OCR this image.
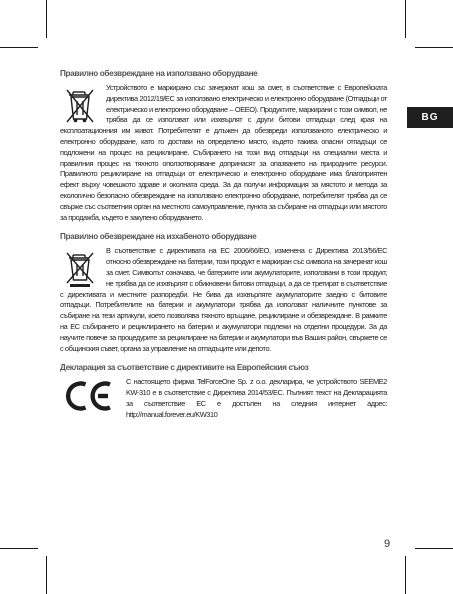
BG

Правилно обезвреждане на използвано оборудване

Устройството е маркирано със зачеркнат кош за смет, в съответствие с Европейската директива 2012/19/ЕС за използвано електрическо и електронно оборудване (Отпадъци от електрическо и електронно оборудване – ОЕЕО). Продуктите, маркирани с този символ, не трябва да се използват или изхвърлят с други битови отпадъци след края на експлоатационния им живот. Потребителят е длъжен да обезвреди използваното електрическо и електронно оборудване, като го достави на определено място, където такива опасни отпадъци се подложени на процес на рециклиране. Събирането на този вид отпадъци на специални места и правилния процес на тяхното оползотворяване допринасят за опазването на природните ресурси. Правилното рециклиране на отпадъци от електрическо и електронно оборудване има благоприятен ефект върху човешкото здраве и околната среда. За да получи информация за мястото и метода за екологично безопасно обезвреждане на използвано електронно оборудване, потребителят трябва да се свърже със съответния орган на местното самоуправление, пункта за събиране на отпадъци или мястото за продажба, където е закупено оборудването.

Правилно обезвреждане на изхабеното оборудване

В съответствие с директивата на ЕС 2006/66/ЕО, изменена с Директива 2013/56/ЕС относно обезвреждане на батерии, този продукт е маркиран със символа на зачеркнат кош за смет. Символът означава, че батериите или акумулаторите, използвани в този продукт, не трябва да се изхвърлят с обикновени битови отпадъци, а да се третират в съответствие с директивата и местните разпоредби. Не бива да изхвърляте акумулаторите заедно с битовите отпадъци. Потребителите на батерии и акумулатори трябва да използват наличните пунктове за събиране на тези артикули, което позволява тяхното връщане, рециклиране и обезвреждане. В рамките на ЕС събирането и рециклирането на батерии и акумулатори подлежи на отделни процедури. За да научите повече за процедурите за рециклиране на батерии и акумулатори във Вашия район, свържете се с общинския съвет, органа за управление на отпадъците или депото.

Декларация за съответствие с директивите на Европейския съюз

С настоящето фирма TelForceOne Sp. z o.o. декларира, че устройството SEEME2 KW-310 е в съответствие с Директива 2014/53/ЕС. Пълният текст на Декларацията за съответствие ЕС е достъпен на следния интернет адрес: http://manual.forever.eu/KW310

9
